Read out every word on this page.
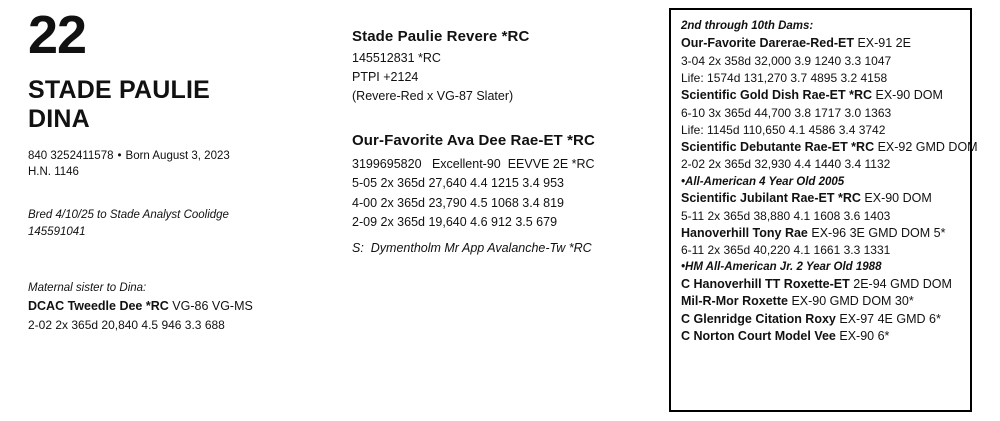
22
STADE PAULIE
DINA
840 3252411578 • Born August 3, 2023
H.N. 1146
Bred 4/10/25 to Stade Analyst Coolidge
145591041
Maternal sister to Dina:
DCAC Tweedle Dee *RC VG-86 VG-MS
2-02 2x 365d 20,840 4.5 946 3.3 688
Stade Paulie Revere *RC
145512831 *RC
PTPI +2124
(Revere-Red x VG-87 Slater)
Our-Favorite Ava Dee Rae-ET *RC
3199695820 Excellent-90 EEVVE 2E *RC
5-05 2x 365d 27,640 4.4 1215 3.4 953
4-00 2x 365d 23,790 4.5 1068 3.4 819
2-09 2x 365d 19,640 4.6 912 3.5 679
S: Dymentholm Mr App Avalanche-Tw *RC
2nd through 10th Dams:
Our-Favorite Darerae-Red-ET EX-91 2E
3-04 2x 358d 32,000 3.9 1240 3.3 1047
Life: 1574d 131,270 3.7 4895 3.2 4158
Scientific Gold Dish Rae-ET *RC EX-90 DOM
6-10 3x 365d 44,700 3.8 1717 3.0 1363
Life: 1145d 110,650 4.1 4586 3.4 3742
Scientific Debutante Rae-ET *RC EX-92 GMD DOM
2-02 2x 365d 32,930 4.4 1440 3.4 1132
•All-American 4 Year Old 2005
Scientific Jubilant Rae-ET *RC EX-90 DOM
5-11 2x 365d 38,880 4.1 1608 3.6 1403
Hanoverhill Tony Rae EX-96 3E GMD DOM 5*
6-11 2x 365d 40,220 4.1 1661 3.3 1331
•HM All-American Jr. 2 Year Old 1988
C Hanoverhill TT Roxette-ET 2E-94 GMD DOM
Mil-R-Mor Roxette EX-90 GMD DOM 30*
C Glenridge Citation Roxy EX-97 4E GMD 6*
C Norton Court Model Vee EX-90 6*
